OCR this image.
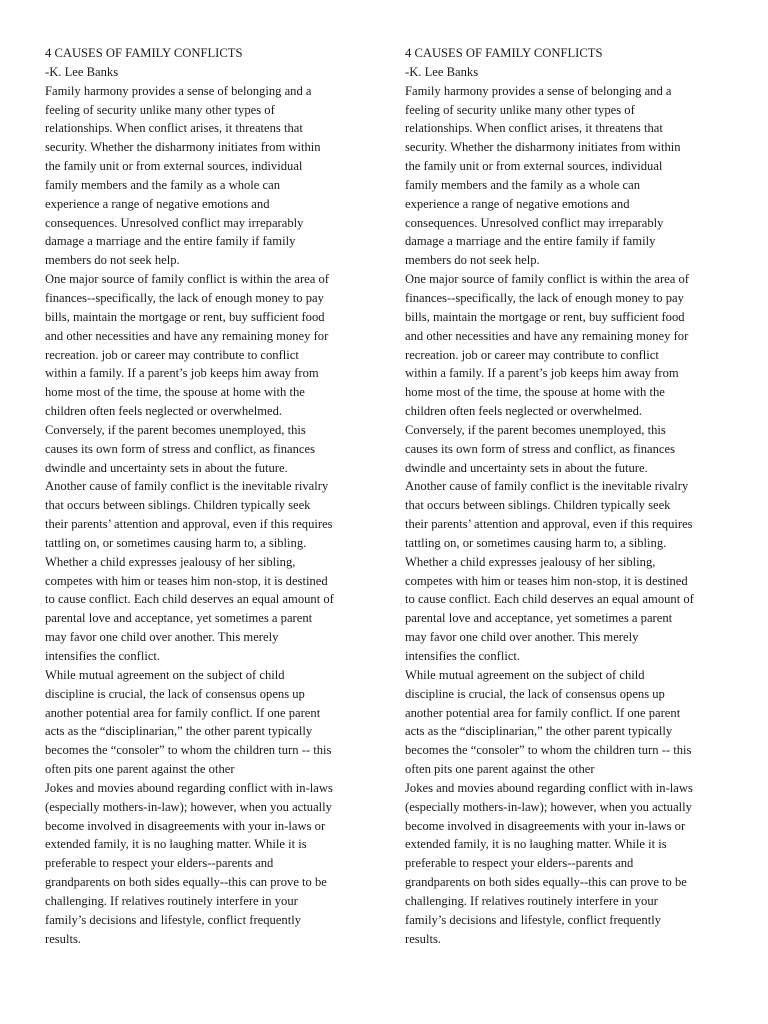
4 CAUSES OF FAMILY CONFLICTS
-K. Lee Banks
Family harmony provides a sense of belonging and a
feeling of security unlike many other types of
relationships. When conflict arises, it threatens that
security. Whether the disharmony initiates from within
the family unit or from external sources, individual
family members and the family as a whole can
experience a range of negative emotions and
consequences. Unresolved conflict may irreparably
damage a marriage and the entire family if family
members do not seek help.
One major source of family conflict is within the area of
finances--specifically, the lack of enough money to pay
bills, maintain the mortgage or rent, buy sufficient food
and other necessities and have any remaining money for
recreation. job or career may contribute to conflict
within a family. If a parent’s job keeps him away from
home most of the time, the spouse at home with the
children often feels neglected or overwhelmed.
Conversely, if the parent becomes unemployed, this
causes its own form of stress and conflict, as finances
dwindle and uncertainty sets in about the future.
Another cause of family conflict is the inevitable rivalry
that occurs between siblings. Children typically seek
their parents’ attention and approval, even if this requires
tattling on, or sometimes causing harm to, a sibling.
Whether a child expresses jealousy of her sibling,
competes with him or teases him non-stop, it is destined
to cause conflict. Each child deserves an equal amount of
parental love and acceptance, yet sometimes a parent
may favor one child over another. This merely
intensifies the conflict.
While mutual agreement on the subject of child
discipline is crucial, the lack of consensus opens up
another potential area for family conflict. If one parent
acts as the “disciplinarian,” the other parent typically
becomes the “consoler” to whom the children turn -- this
often pits one parent against the other
Jokes and movies abound regarding conflict with in-laws
(especially mothers-in-law); however, when you actually
become involved in disagreements with your in-laws or
extended family, it is no laughing matter. While it is
preferable to respect your elders--parents and
grandparents on both sides equally--this can prove to be
challenging. If relatives routinely interfere in your
family’s decisions and lifestyle, conflict frequently
results.
4 CAUSES OF FAMILY CONFLICTS
-K. Lee Banks
Family harmony provides a sense of belonging and a
feeling of security unlike many other types of
relationships. When conflict arises, it threatens that
security. Whether the disharmony initiates from within
the family unit or from external sources, individual
family members and the family as a whole can
experience a range of negative emotions and
consequences. Unresolved conflict may irreparably
damage a marriage and the entire family if family
members do not seek help.
One major source of family conflict is within the area of
finances--specifically, the lack of enough money to pay
bills, maintain the mortgage or rent, buy sufficient food
and other necessities and have any remaining money for
recreation. job or career may contribute to conflict
within a family. If a parent’s job keeps him away from
home most of the time, the spouse at home with the
children often feels neglected or overwhelmed.
Conversely, if the parent becomes unemployed, this
causes its own form of stress and conflict, as finances
dwindle and uncertainty sets in about the future.
Another cause of family conflict is the inevitable rivalry
that occurs between siblings. Children typically seek
their parents’ attention and approval, even if this requires
tattling on, or sometimes causing harm to, a sibling.
Whether a child expresses jealousy of her sibling,
competes with him or teases him non-stop, it is destined
to cause conflict. Each child deserves an equal amount of
parental love and acceptance, yet sometimes a parent
may favor one child over another. This merely
intensifies the conflict.
While mutual agreement on the subject of child
discipline is crucial, the lack of consensus opens up
another potential area for family conflict. If one parent
acts as the “disciplinarian,” the other parent typically
becomes the “consoler” to whom the children turn -- this
often pits one parent against the other
Jokes and movies abound regarding conflict with in-laws
(especially mothers-in-law); however, when you actually
become involved in disagreements with your in-laws or
extended family, it is no laughing matter. While it is
preferable to respect your elders--parents and
grandparents on both sides equally--this can prove to be
challenging. If relatives routinely interfere in your
family’s decisions and lifestyle, conflict frequently
results.
